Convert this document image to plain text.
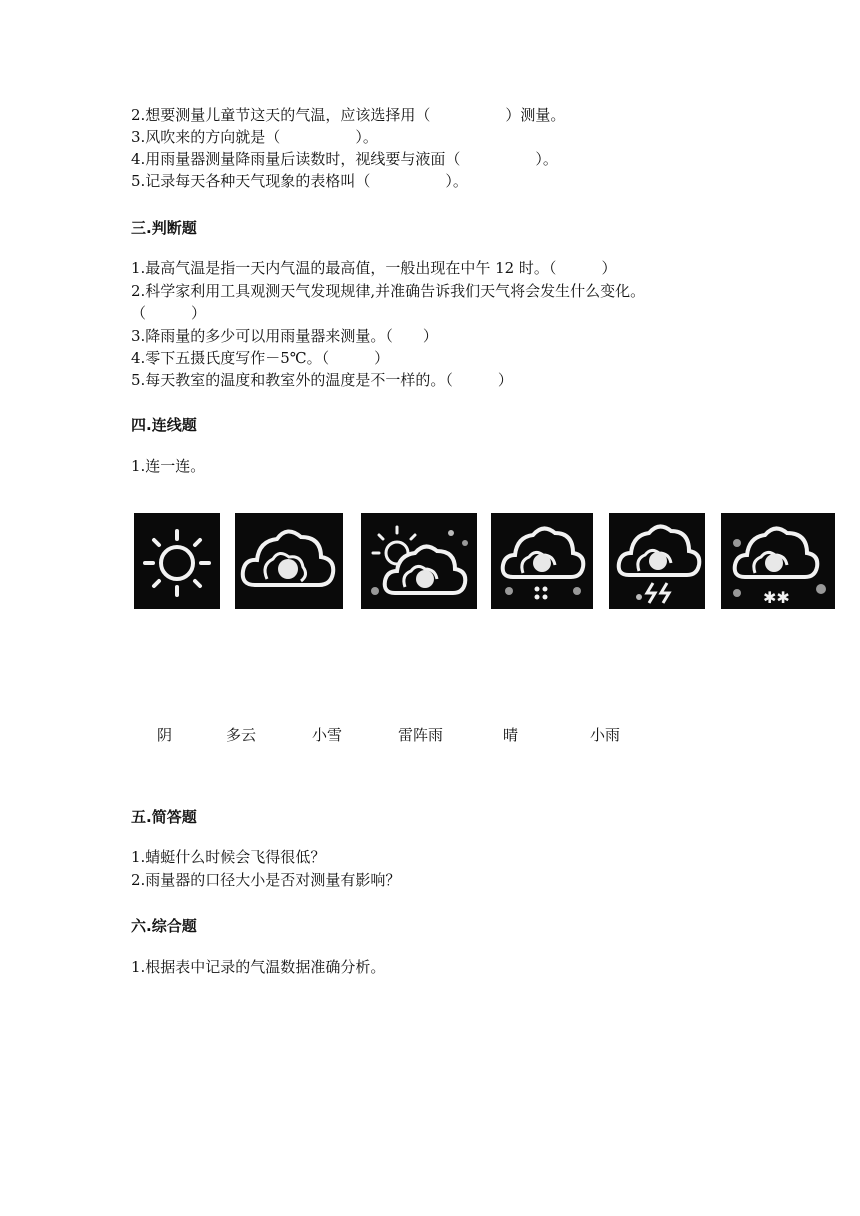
2.想要测量儿童节这天的气温，应该选择用（　　　　　）测量。
3.风吹来的方向就是（　　　　　）。
4.用雨量器测量降雨量后读数时，视线要与液面（　　　　　）。
5.记录每天各种天气现象的表格叫（　　　　　）。
三.判断题
1.最高气温是指一天内气温的最高值，一般出现在中午 12 时。（　　　）
2.科学家利用工具观测天气发现规律,并准确告诉我们天气将会发生什么变化。
（　　　）
3.降雨量的多少可以用雨量器来测量。（　　）
4.零下五摄氏度写作－5℃。（　　　）
5.每天教室的温度和教室外的温度是不一样的。（　　　）
四.连线题
1.连一连。
✱✱
阴	多云	小雪	雷阵雨	晴	小雨
五.简答题
1.蜻蜓什么时候会飞得很低？
2.雨量器的口径大小是否对测量有影响？
六.综合题
1.根据表中记录的气温数据准确分析。
